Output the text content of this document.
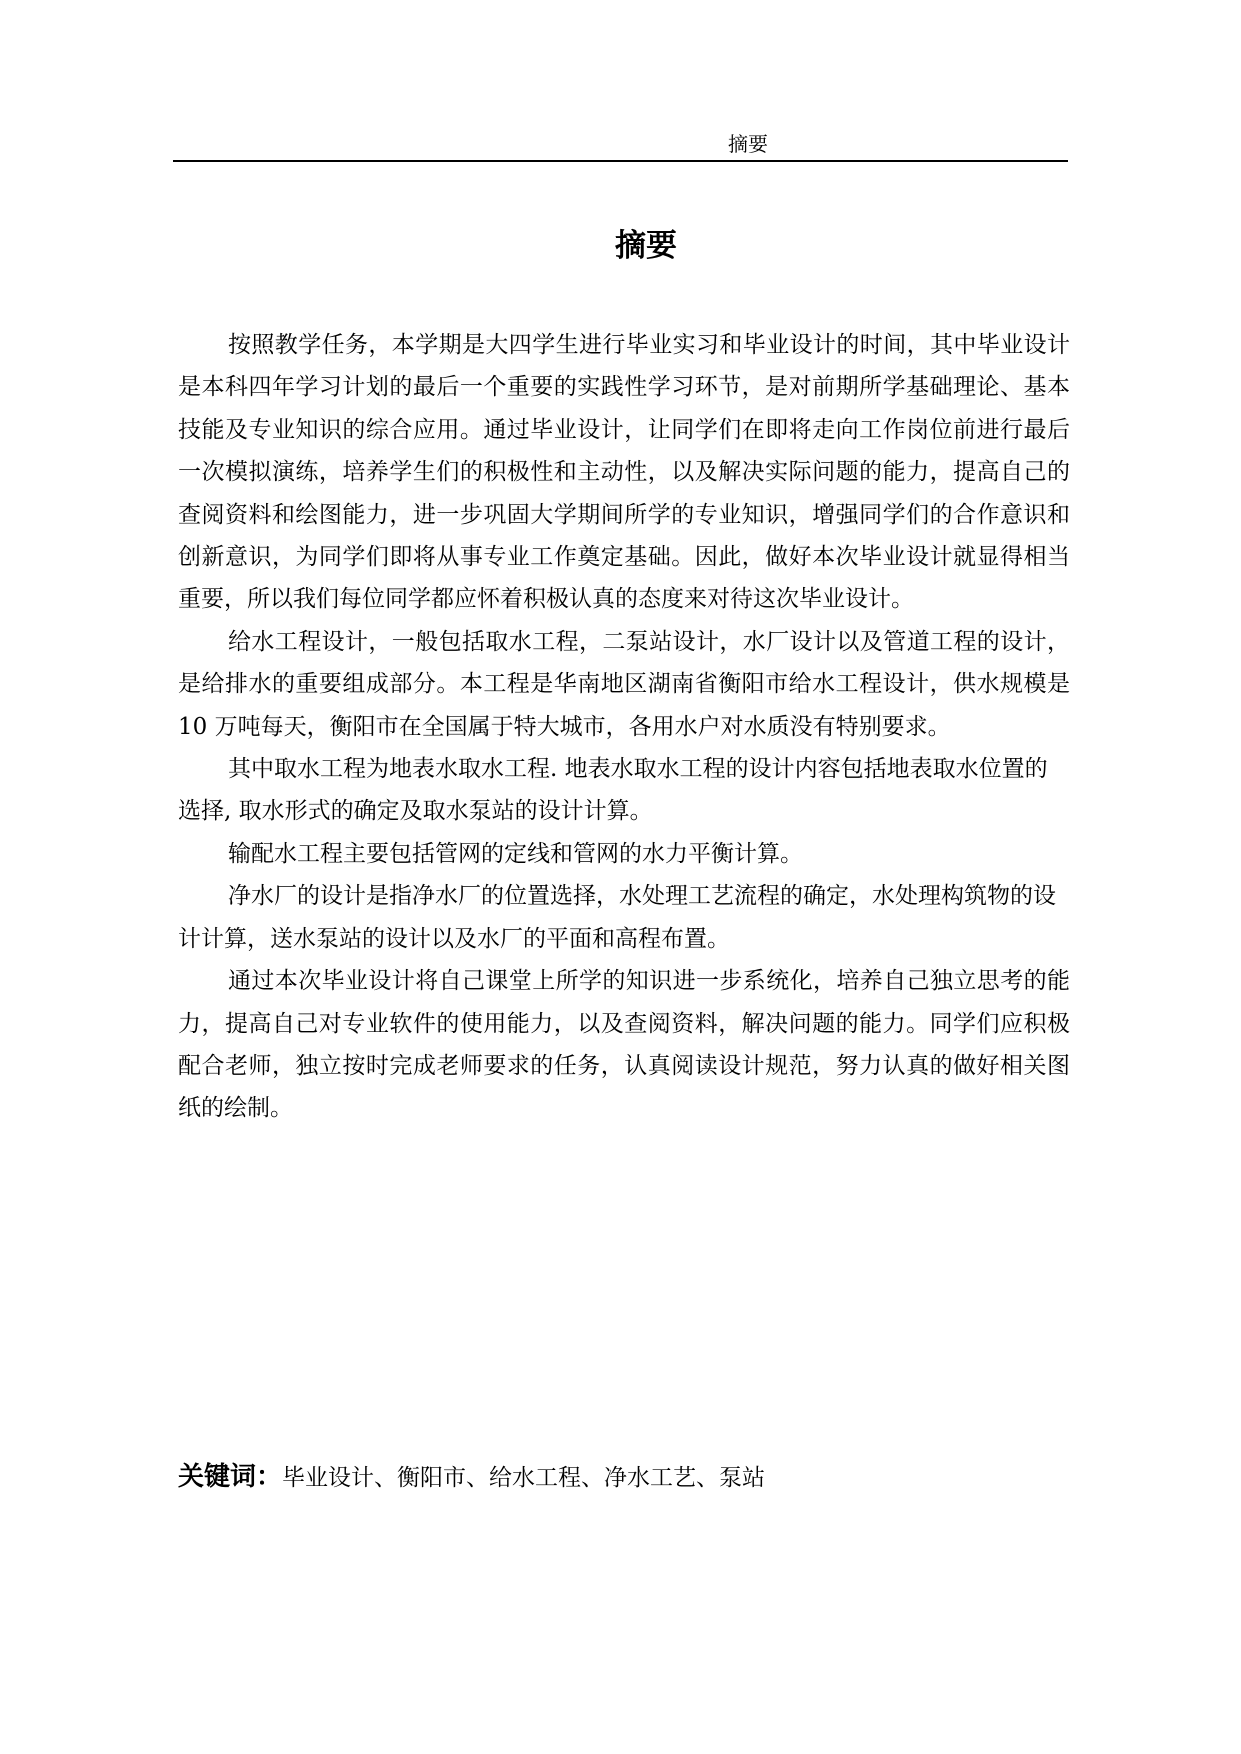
摘要
摘要

按照教学任务，本学期是大四学生进行毕业实习和毕业设计的时间，其中毕业设计是本科四年学习计划的最后一个重要的实践性学习环节，是对前期所学基础理论、基本技能及专业知识的综合应用。通过毕业设计，让同学们在即将走向工作岗位前进行最后一次模拟演练，培养学生们的积极性和主动性，以及解决实际问题的能力，提高自己的查阅资料和绘图能力，进一步巩固大学期间所学的专业知识，增强同学们的合作意识和创新意识，为同学们即将从事专业工作奠定基础。因此，做好本次毕业设计就显得相当重要，所以我们每位同学都应怀着积极认真的态度来对待这次毕业设计。

给水工程设计，一般包括取水工程，二泵站设计，水厂设计以及管道工程的设计，是给排水的重要组成部分。本工程是华南地区湖南省衡阳市给水工程设计，供水规模是 10 万吨每天，衡阳市在全国属于特大城市，各用水户对水质没有特别要求。

其中取水工程为地表水取水工程. 地表水取水工程的设计内容包括地表取水位置的选择, 取水形式的确定及取水泵站的设计计算。

输配水工程主要包括管网的定线和管网的水力平衡计算。

净水厂的设计是指净水厂的位置选择，水处理工艺流程的确定，水处理构筑物的设计计算，送水泵站的设计以及水厂的平面和高程布置。

通过本次毕业设计将自己课堂上所学的知识进一步系统化，培养自己独立思考的能力，提高自己对专业软件的使用能力，以及查阅资料，解决问题的能力。同学们应积极配合老师，独立按时完成老师要求的任务，认真阅读设计规范，努力认真的做好相关图纸的绘制。

关键词：毕业设计、衡阳市、给水工程、净水工艺、泵站
